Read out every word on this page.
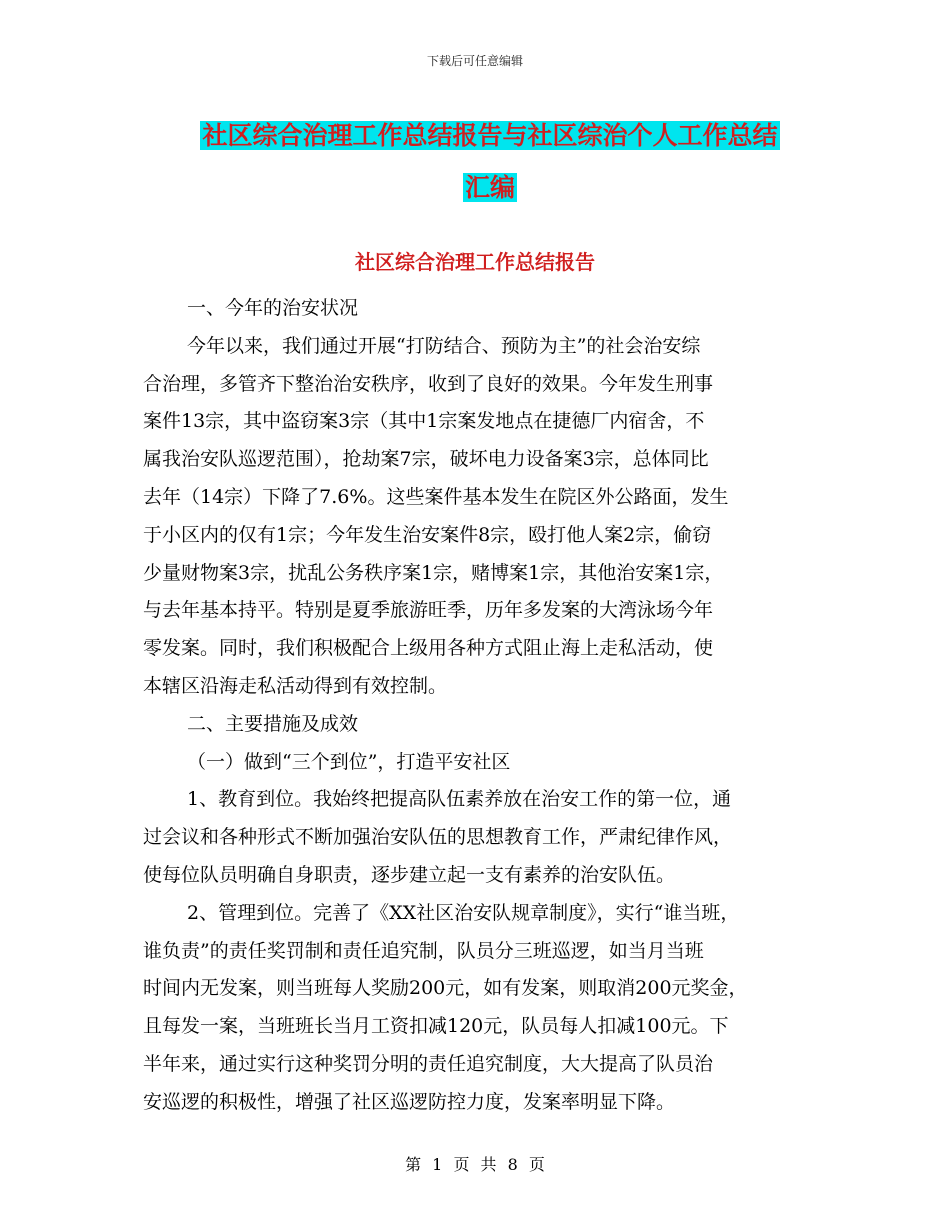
下载后可任意编辑
社区综合治理工作总结报告与社区综治个人工作总结
汇编
社区综合治理工作总结报告
一、今年的治安状况
今年以来，我们通过开展“打防结合、预防为主”的社会治安综
合治理，多管齐下整治治安秩序，收到了良好的效果。今年发生刑事
案件13宗，其中盗窃案3宗（其中1宗案发地点在捷德厂内宿舍，不
属我治安队巡逻范围），抢劫案7宗，破坏电力设备案3宗，总体同比
去年（14宗）下降了7.6%。这些案件基本发生在院区外公路面，发生
于小区内的仅有1宗；今年发生治安案件8宗，殴打他人案2宗，偷窃
少量财物案3宗，扰乱公务秩序案1宗，赌博案1宗，其他治安案1宗，
与去年基本持平。特别是夏季旅游旺季，历年多发案的大湾泳场今年
零发案。同时，我们积极配合上级用各种方式阻止海上走私活动，使
本辖区沿海走私活动得到有效控制。
二、主要措施及成效
（一）做到“三个到位”，打造平安社区
1、教育到位。我始终把提高队伍素养放在治安工作的第一位，通
过会议和各种形式不断加强治安队伍的思想教育工作，严肃纪律作风，
使每位队员明确自身职责，逐步建立起一支有素养的治安队伍。
2、管理到位。完善了《XX社区治安队规章制度》，实行“谁当班，
谁负责”的责任奖罚制和责任追究制，队员分三班巡逻，如当月当班
时间内无发案，则当班每人奖励200元，如有发案，则取消200元奖金，
且每发一案，当班班长当月工资扣减120元，队员每人扣减100元。下
半年来，通过实行这种奖罚分明的责任追究制度，大大提高了队员治
安巡逻的积极性，增强了社区巡逻防控力度，发案率明显下降。
第 1 页 共 8 页
